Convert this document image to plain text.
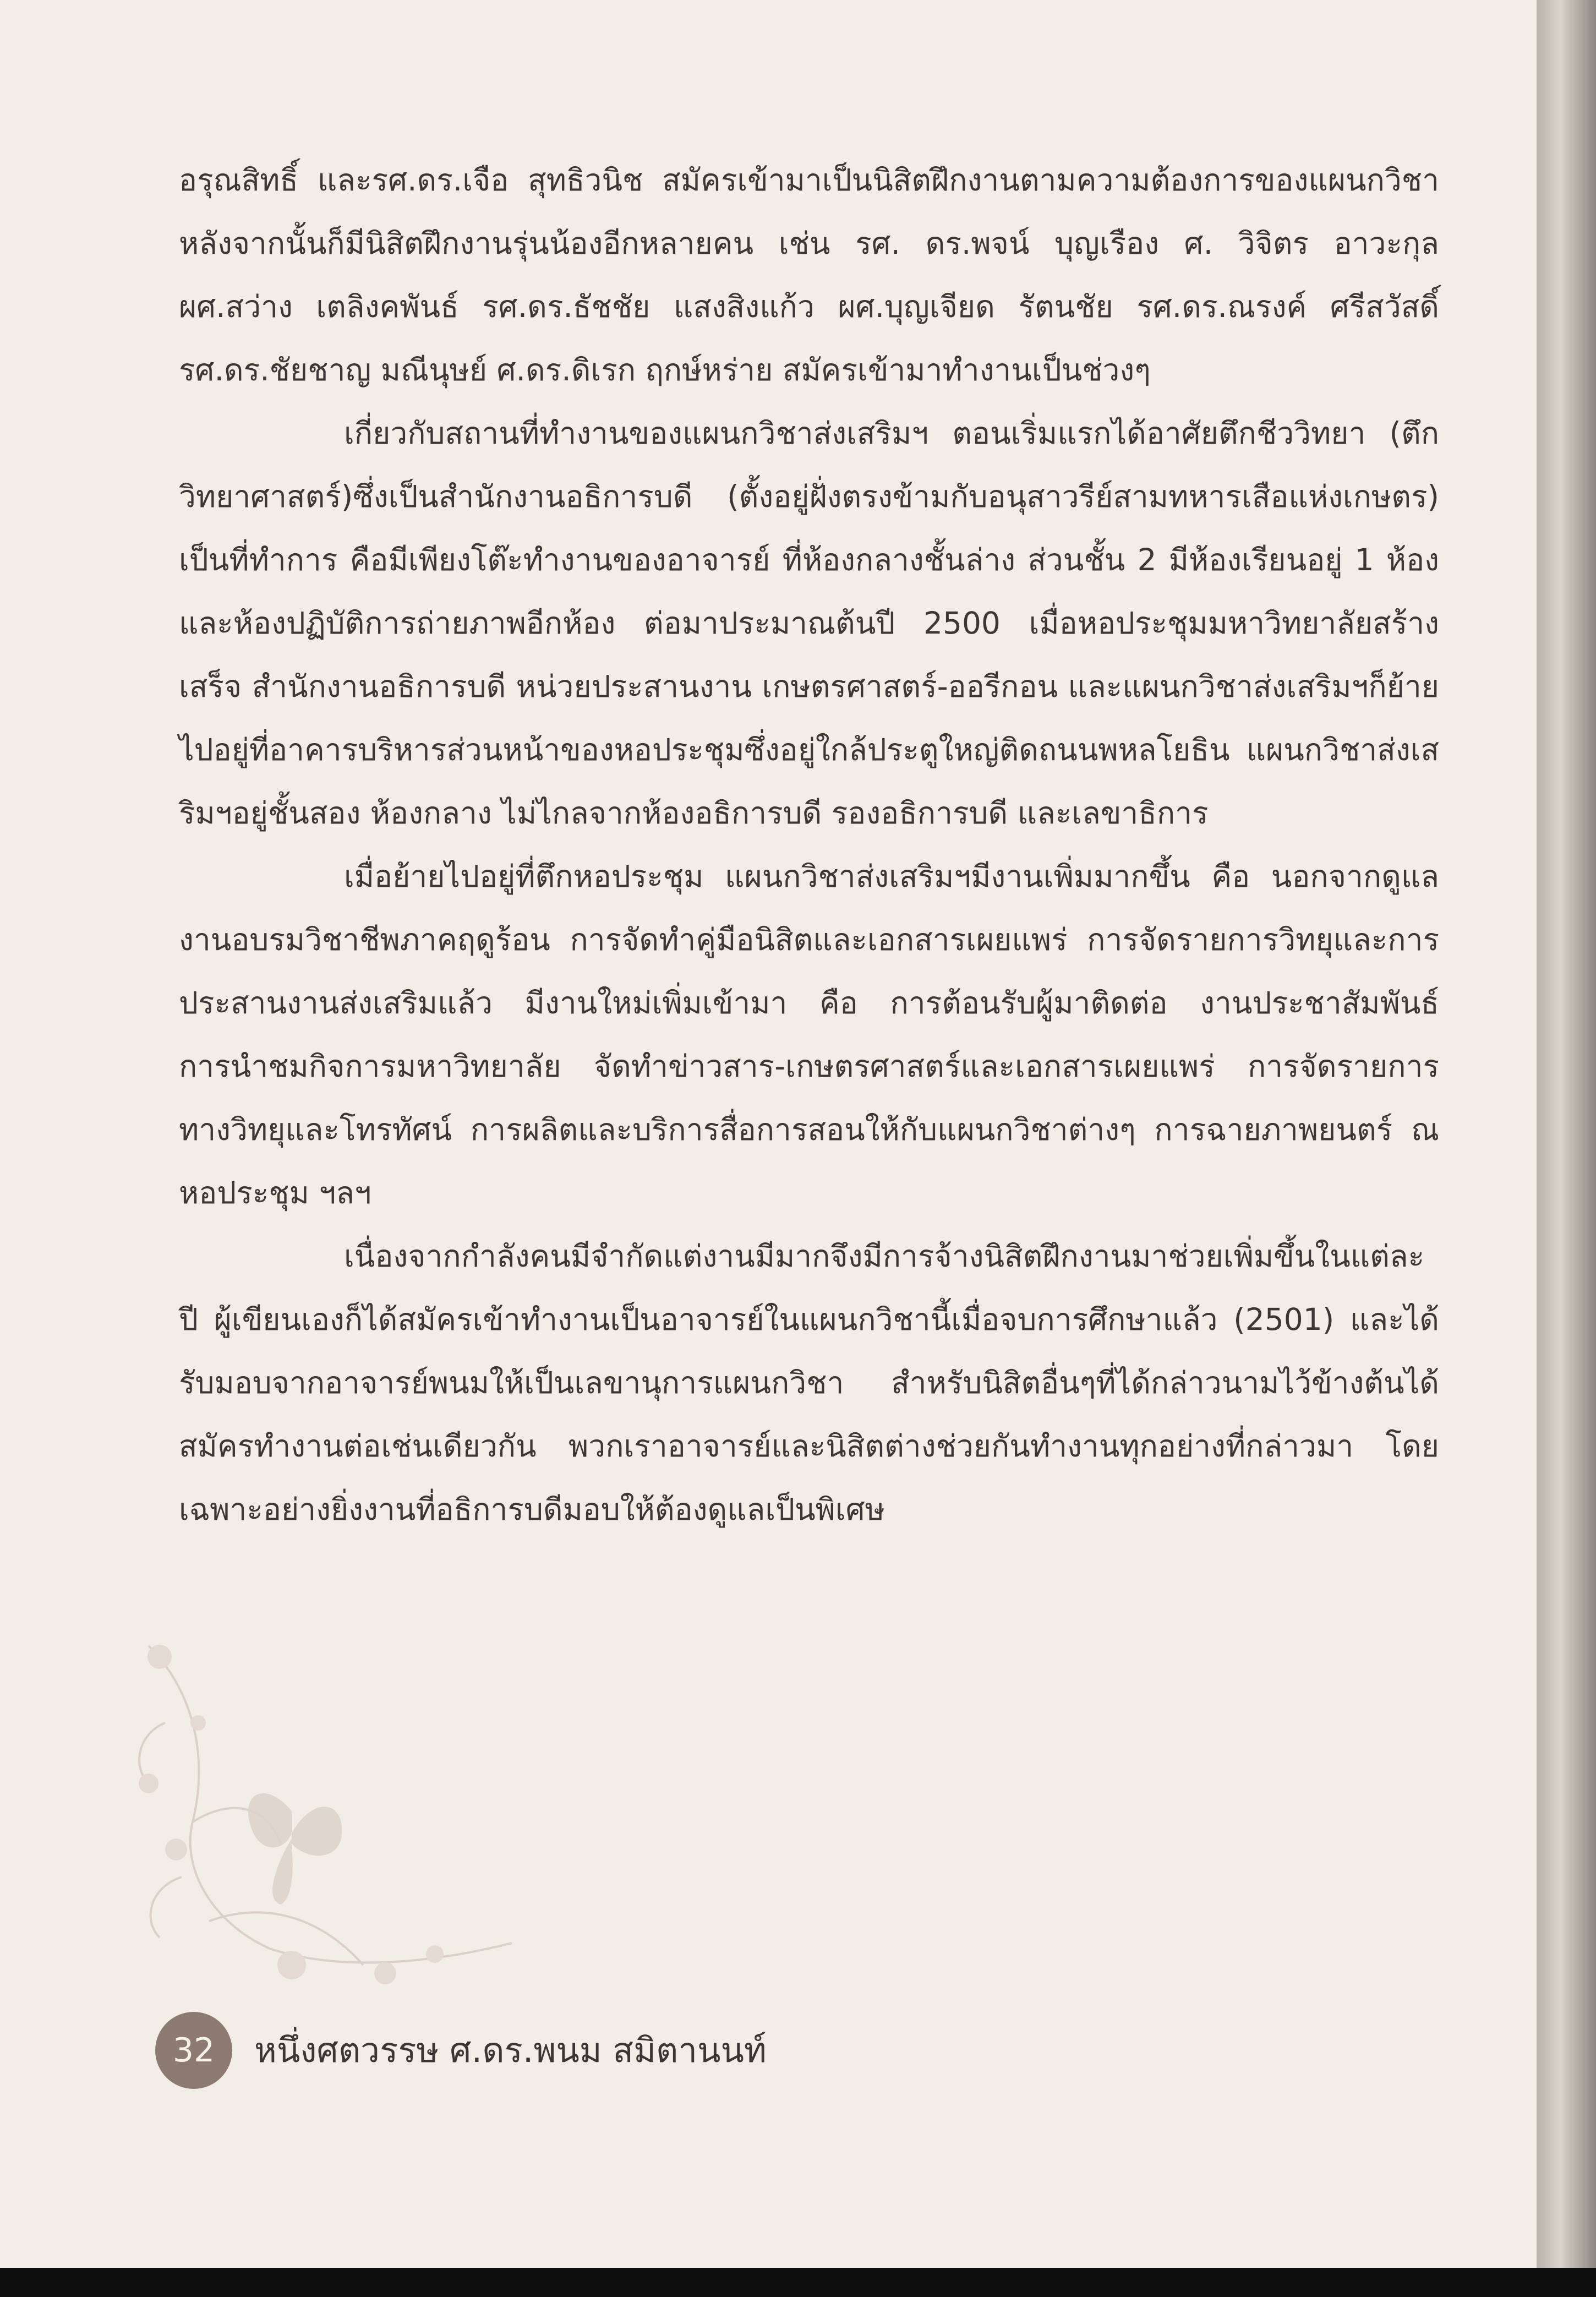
อรุณสิทธิ์ และรศ.ดร.เจือ สุทธิวนิช สมัครเข้ามาเป็นนิสิตฝึกงานตามความต้องการของแผนกวิชา หลังจากนั้นก็มีนิสิตฝึกงานรุ่นน้องอีกหลายคน เช่น รศ. ดร.พจน์ บุญเรือง ศ. วิจิตร อาวะกุล ผศ.สว่าง เตลิงคพันธ์ รศ.ดร.ธัชชัย แสงสิงแก้ว ผศ.บุญเจียด รัตนชัย รศ.ดร.ณรงค์ ศรีสวัสดิ์ รศ.ดร.ชัยชาญ มณีนุษย์ ศ.ดร.ดิเรก ฤกษ์หร่าย สมัครเข้ามาทำงานเป็นช่วงๆ

เกี่ยวกับสถานที่ทำงานของแผนกวิชาส่งเสริมฯ ตอนเริ่มแรกได้อาศัยตึกชีววิทยา (ตึกวิทยาศาสตร์)ซึ่งเป็นสำนักงานอธิการบดี (ตั้งอยู่ฝั่งตรงข้ามกับอนุสาวรีย์สามทหารเสือแห่งเกษตร) เป็นที่ทำการ คือมีเพียงโต๊ะทำงานของอาจารย์ ที่ห้องกลางชั้นล่าง ส่วนชั้น 2 มีห้องเรียนอยู่ 1 ห้อง และห้องปฏิบัติการถ่ายภาพอีกห้อง ต่อมาประมาณต้นปี 2500 เมื่อหอประชุมมหาวิทยาลัยสร้างเสร็จ สำนักงานอธิการบดี หน่วยประสานงาน เกษตรศาสตร์-ออรีกอน และแผนกวิชาส่งเสริมฯก็ย้ายไปอยู่ที่อาคารบริหารส่วนหน้าของหอประชุมซึ่งอยู่ใกล้ประตูใหญ่ติดถนนพหลโยธิน แผนกวิชาส่งเสริมฯอยู่ชั้นสอง ห้องกลาง ไม่ไกลจากห้องอธิการบดี รองอธิการบดี และเลขาธิการ

เมื่อย้ายไปอยู่ที่ตึกหอประชุม แผนกวิชาส่งเสริมฯมีงานเพิ่มมากขึ้น คือ นอกจากดูแลงานอบรมวิชาชีพภาคฤดูร้อน การจัดทำคู่มือนิสิตและเอกสารเผยแพร่ การจัดรายการวิทยุและการประสานงานส่งเสริมแล้ว มีงานใหม่เพิ่มเข้ามา คือ การต้อนรับผู้มาติดต่อ งานประชาสัมพันธ์ การนำชมกิจการมหาวิทยาลัย จัดทำข่าวสาร-เกษตรศาสตร์และเอกสารเผยแพร่ การจัดรายการทางวิทยุและโทรทัศน์ การผลิตและบริการสื่อการสอนให้กับแผนกวิชาต่างๆ การฉายภาพยนตร์ ณ หอประชุม ฯลฯ

เนื่องจากกำลังคนมีจำกัดแต่งานมีมากจึงมีการจ้างนิสิตฝึกงานมาช่วยเพิ่มขึ้นในแต่ละปี ผู้เขียนเองก็ได้สมัครเข้าทำงานเป็นอาจารย์ในแผนกวิชานี้เมื่อจบการศึกษาแล้ว (2501) และได้รับมอบจากอาจารย์พนมให้เป็นเลขานุการแผนกวิชา สำหรับนิสิตอื่นๆที่ได้กล่าวนามไว้ข้างต้นได้สมัครทำงานต่อเช่นเดียวกัน พวกเราอาจารย์และนิสิตต่างช่วยกันทำงานทุกอย่างที่กล่าวมา โดยเฉพาะอย่างยิ่งงานที่อธิการบดีมอบให้ต้องดูแลเป็นพิเศษ

32	หนึ่งศตวรรษ ศ.ดร.พนม สมิตานนท์
